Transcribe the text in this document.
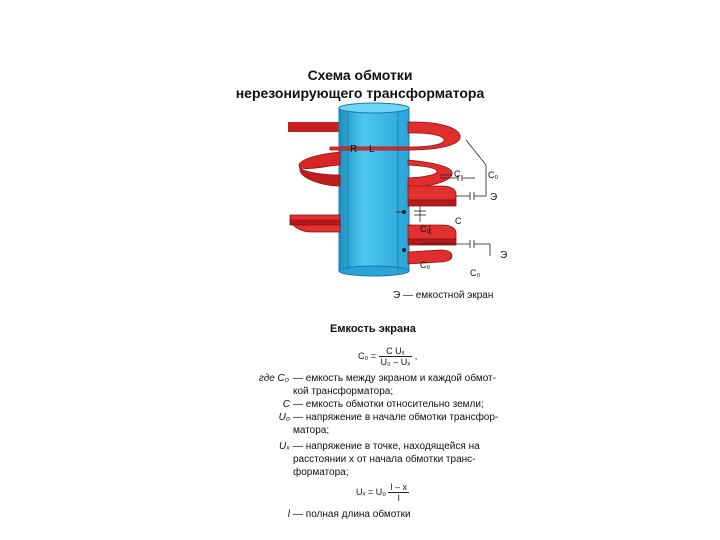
Схема обмотки
нерезонирующего трансформатора
R L
C	C₀
Э
C
C₀
C₀
C₀
Э
Э — емкостной экран
Емкость экрана
$C_0 = \frac{\text{C Uₓ}}{\text{U₀ – Uₓ}}$ ,
где C₀ — емкость между экраном и каждой обмот-
кой трансформатора;
C — емкость обмотки относительно земли;
U₀ — напряжение в начале обмотки трансфор-
матора;
Uₓ — напряжение в точке, находящейся на
расстоянии x от начала обмотки транс-
форматора;
$U_x = U_0 \frac{l - x}{l}$
l — полная длина обмотки
